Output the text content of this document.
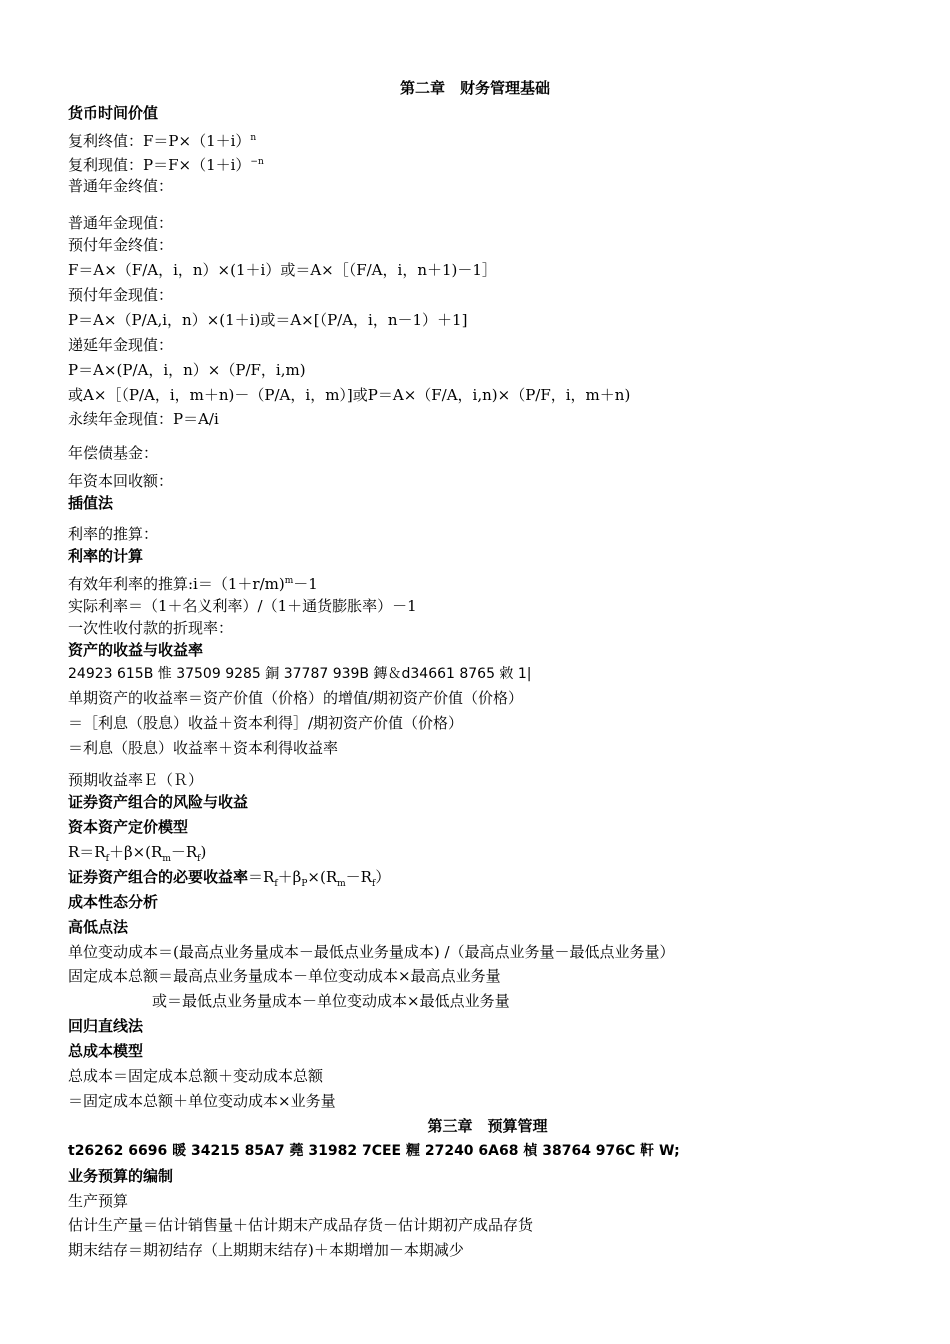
第二章　财务管理基础
货币时间价值
复利终值：$F=P\times(1+i)^n$
复利现值：$P=F\times(1+i)^{-n}$
普通年金终值：
普通年金现值：
预付年金终值：
F＝A×（F/A，i，n）×(1＋i）或＝A×［（F/A，i，n＋1)－1］
预付年金现值：
P＝A×（P/A,i，n）×(1＋i)或＝A×[（P/A，i，n－1）＋1]
递延年金现值：
P＝A×(P/A，i，n）×（P/F，i,m)
或A×［（P/A，i，m＋n)－（P/A，i，m）]或P＝A×（F/A，i,n)×（P/F，i，m＋n)
永续年金现值：P＝A/i
年偿债基金：
年资本回收额：
插值法
利率的推算：
利率的计算
有效年利率的推算:i＝（1＋r/m)$^m$－1
实际利率＝（1＋名义利率）/（1＋通货膨胀率）－1
一次性收付款的折现率：
资产的收益与收益率
24923 615B 惟 37509 9285 銅 37787 939B 鏄＆d34661 8765 敹 1|
单期资产的收益率＝资产价值（价格）的增值/期初资产价值（价格）
＝［利息（股息）收益＋资本利得］/期初资产价值（价格）
＝利息（股息）收益率＋资本利得收益率
预期收益率Ｅ（Ｒ）
证券资产组合的风险与收益
资本资产定价模型
$R=R_f+\beta\times(R_m-R_f)$
证券资产组合的必要收益率$=R_f+\beta_P\times(R_m-R_f)$
成本性态分析
高低点法
单位变动成本＝(最高点业务量成本－最低点业务量成本) /（最高点业务量－最低点业务量）
固定成本总额＝最高点业务量成本－单位变动成本×最高点业务量
或＝最低点业务量成本－单位变动成本×最低点业务量
回归直线法
总成本模型
总成本＝固定成本总额＋变动成本总额
＝固定成本总额＋单位变动成本×业务量
第三章　预算管理
t26262 6696 暖 34215 85A7 蕘 31982 7CEE 糎 27240 6A68 楨 38764 976C 靬 W;
业务预算的编制
生产预算
估计生产量＝估计销售量＋估计期末产成品存货－估计期初产成品存货
期末结存＝期初结存（上期期末结存)＋本期增加－本期减少
